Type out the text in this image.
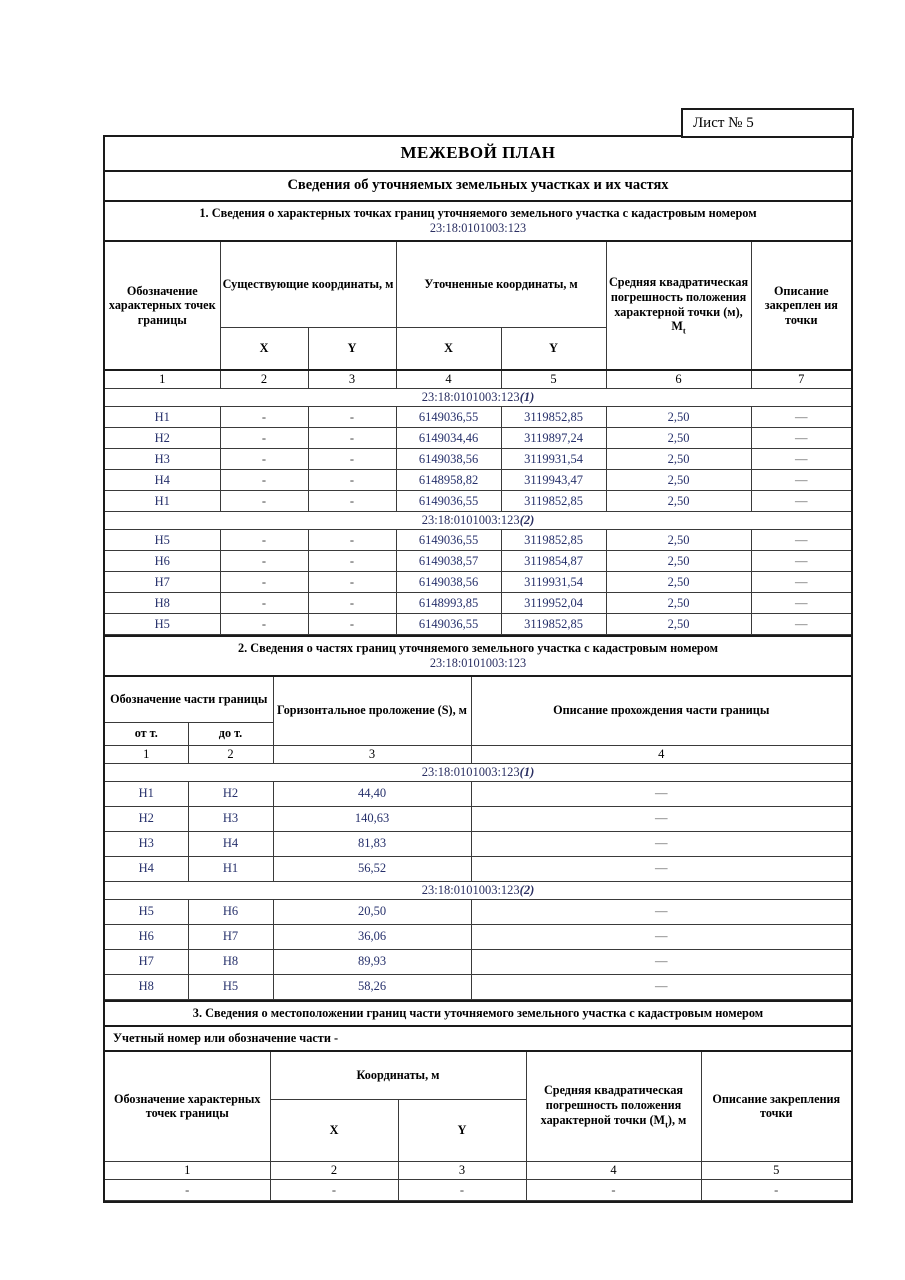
Лист № 5
МЕЖЕВОЙ ПЛАН
Сведения об уточняемых земельных участках и их частях
1. Сведения о характерных точках границ уточняемого земельного участка с кадастровым номером
23:18:0101003:123
Обозначение характерных точек границы	Существующие координаты, м		Уточненные координаты, м		Средняя квадратическая погрешность положения характерной точки (м), $M_t$	Описание закреплен ия точки
	X	Y	X	Y		
1	2	3	4	5	6	7
23:18:0101003:123(1)						
Н1	-	-	6149036,55	3119852,85	2,50	—
Н2	-	-	6149034,46	3119897,24	2,50	—
Н3	-	-	6149038,56	3119931,54	2,50	—
Н4	-	-	6148958,82	3119943,47	2,50	—
Н1	-	-	6149036,55	3119852,85	2,50	—
23:18:0101003:123(2)						
Н5	-	-	6149036,55	3119852,85	2,50	—
Н6	-	-	6149038,57	3119854,87	2,50	—
Н7	-	-	6149038,56	3119931,54	2,50	—
Н8	-	-	6148993,85	3119952,04	2,50	—
Н5	-	-	6149036,55	3119852,85	2,50	—
2. Сведения о частях границ уточняемого земельного участка с кадастровым номером
23:18:0101003:123
Обозначение части границы		Горизонтальное проложение (S), м	Описание прохождения части границы
от т.	до т.		
1	2	3	4
23:18:0101003:123(1)			
Н1	Н2	44,40	—
Н2	Н3	140,63	—
Н3	Н4	81,83	—
Н4	Н1	56,52	—
23:18:0101003:123(2)			
Н5	Н6	20,50	—
Н6	Н7	36,06	—
Н7	Н8	89,93	—
Н8	Н5	58,26	—
3. Сведения о местоположении границ части уточняемого земельного участка с кадастровым номером
Учетный номер или обозначение части -
Обозначение характерных точек границы	Координаты, м		Средняя квадратическая погрешность положения характерной точки $(M_t)$, м	Описание закрепления точки
	X	Y		
1	2	3	4	5
-	-	-	-	-
